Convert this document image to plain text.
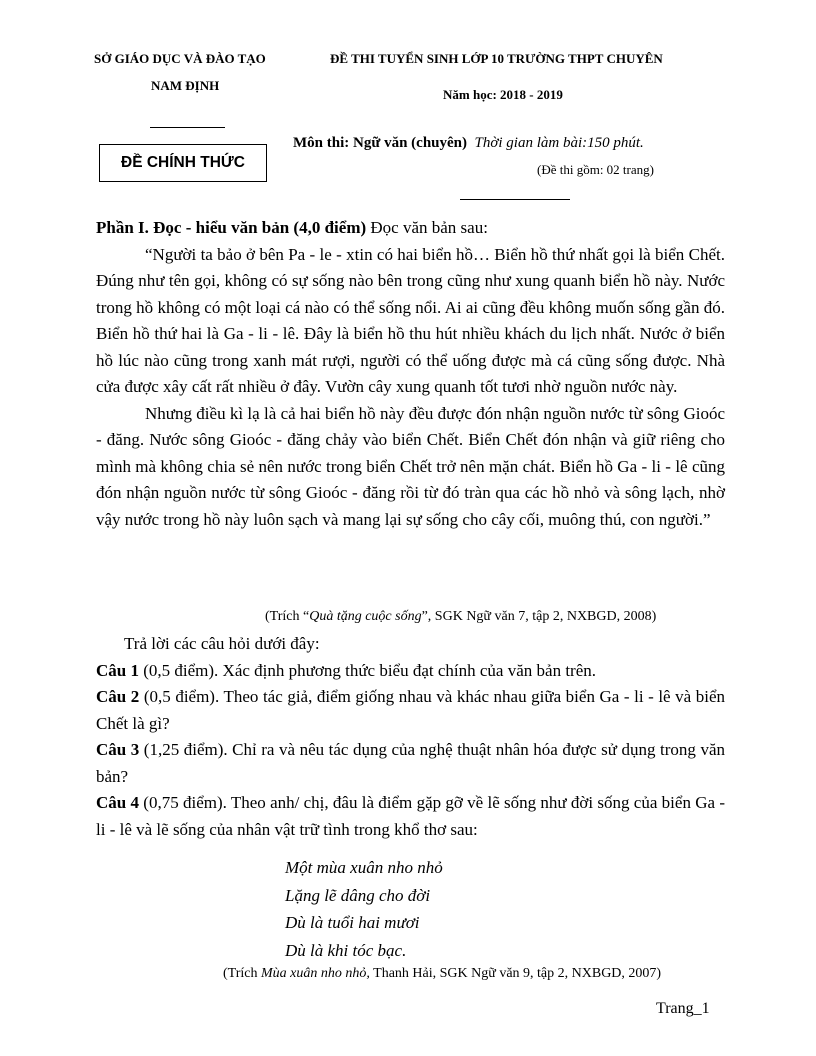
SỞ GIÁO DỤC VÀ ĐÀO TẠO
NAM ĐỊNH
ĐỀ THI TUYỂN SINH LỚP 10 TRƯỜNG THPT CHUYÊN
Năm học: 2018 - 2019
ĐỀ CHÍNH THỨC
Môn thi: Ngữ văn (chuyên) Thời gian làm bài:150 phút.
(Đề thi gồm: 02 trang)

Phần I. Đọc - hiểu văn bản (4,0 điểm) Đọc văn bản sau:

“Người ta bảo ở bên Pa - le - xtin có hai biển hồ… Biển hồ thứ nhất gọi là biển Chết. Đúng như tên gọi, không có sự sống nào bên trong cũng như xung quanh biển hồ này. Nước trong hồ không có một loại cá nào có thể sống nổi. Ai ai cũng đều không muốn sống gần đó. Biển hồ thứ hai là Ga - li - lê. Đây là biển hồ thu hút nhiều khách du lịch nhất. Nước ở biển hồ lúc nào cũng trong xanh mát rượi, người có thể uống được mà cá cũng sống được. Nhà cửa được xây cất rất nhiều ở đây. Vườn cây xung quanh tốt tươi nhờ nguồn nước này.

Nhưng điều kì lạ là cả hai biển hồ này đều được đón nhận nguồn nước từ sông Gioóc - đăng. Nước sông Gioóc - đăng chảy vào biển Chết. Biển Chết đón nhận và giữ riêng cho mình mà không chia sẻ nên nước trong biển Chết trở nên mặn chát. Biển hồ Ga - li - lê cũng đón nhận nguồn nước từ sông Gioóc - đăng rồi từ đó tràn qua các hồ nhỏ và sông lạch, nhờ vậy nước trong hồ này luôn sạch và mang lại sự sống cho cây cối, muông thú, con người.”

(Trích “Quà tặng cuộc sống”, SGK Ngữ văn 7, tập 2, NXBGD, 2008)

Trả lời các câu hỏi dưới đây:

Câu 1 (0,5 điểm). Xác định phương thức biểu đạt chính của văn bản trên.

Câu 2 (0,5 điểm). Theo tác giả, điểm giống nhau và khác nhau giữa biển Ga - li - lê và biển Chết là gì?

Câu 3 (1,25 điểm). Chỉ ra và nêu tác dụng của nghệ thuật nhân hóa được sử dụng trong văn bản?

Câu 4 (0,75 điểm). Theo anh/ chị, đâu là điểm gặp gỡ về lẽ sống như đời sống của biển Ga - li - lê và lẽ sống của nhân vật trữ tình trong khổ thơ sau:

Một mùa xuân nho nhỏ
Lặng lẽ dâng cho đời
Dù là tuổi hai mươi
Dù là khi tóc bạc.
(Trích Mùa xuân nho nhỏ, Thanh Hải, SGK Ngữ văn 9, tập 2, NXBGD, 2007)
Trang_1
